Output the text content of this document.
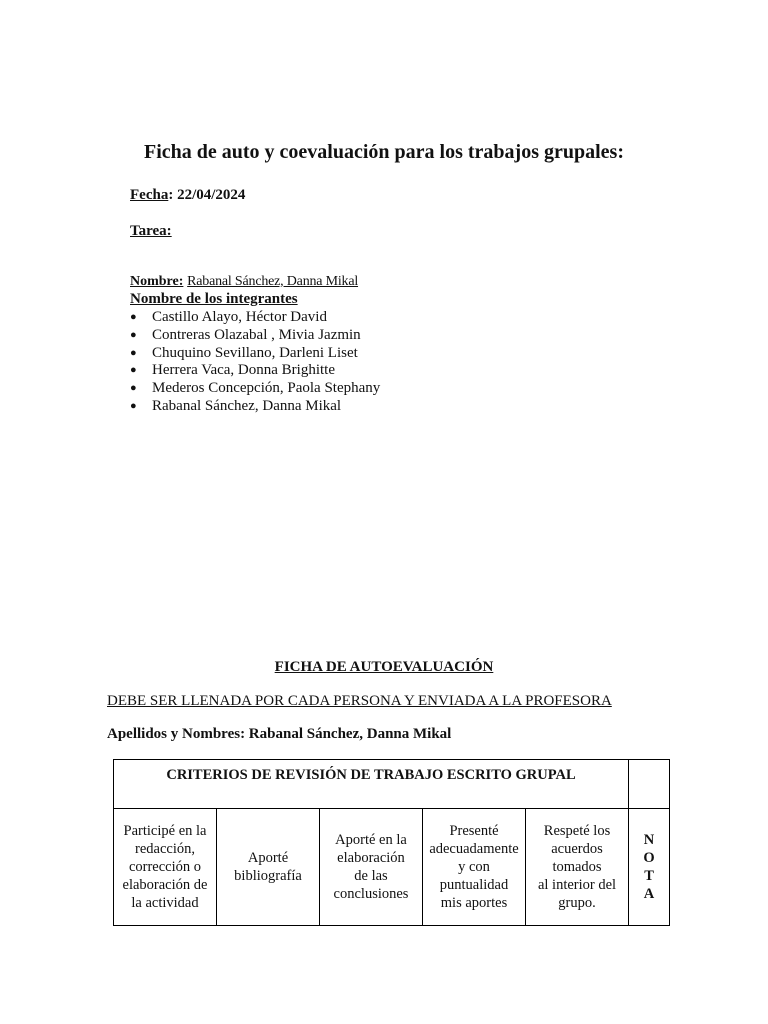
Ficha de auto y coevaluación para los trabajos grupales:
Fecha: 22/04/2024
Tarea:
Nombre: Rabanal Sánchez, Danna Mikal
Nombre de los integrantes
● Castillo Alayo, Héctor David
● Contreras Olazabal , Mivia Jazmin
● Chuquino Sevillano, Darleni Liset
● Herrera Vaca, Donna Brighitte
● Mederos Concepción, Paola Stephany
● Rabanal Sánchez, Danna Mikal
FICHA DE AUTOEVALUACIÓN
DEBE SER LLENADA POR CADA PERSONA Y ENVIADA A LA PROFESORA
Apellidos y Nombres: Rabanal Sánchez, Danna Mikal
CRITERIOS DE REVISIÓN DE TRABAJO ESCRITO GRUPAL					
Participé en la
redacción,
corrección o
elaboración de
la actividad	Aporté
bibliografía	Aporté en la
elaboración
de las
conclusiones	Presenté
adecuadamente
y con
puntualidad
mis aportes	Respeté los
acuerdos
tomados
al interior del
grupo.	N
O
T
A
